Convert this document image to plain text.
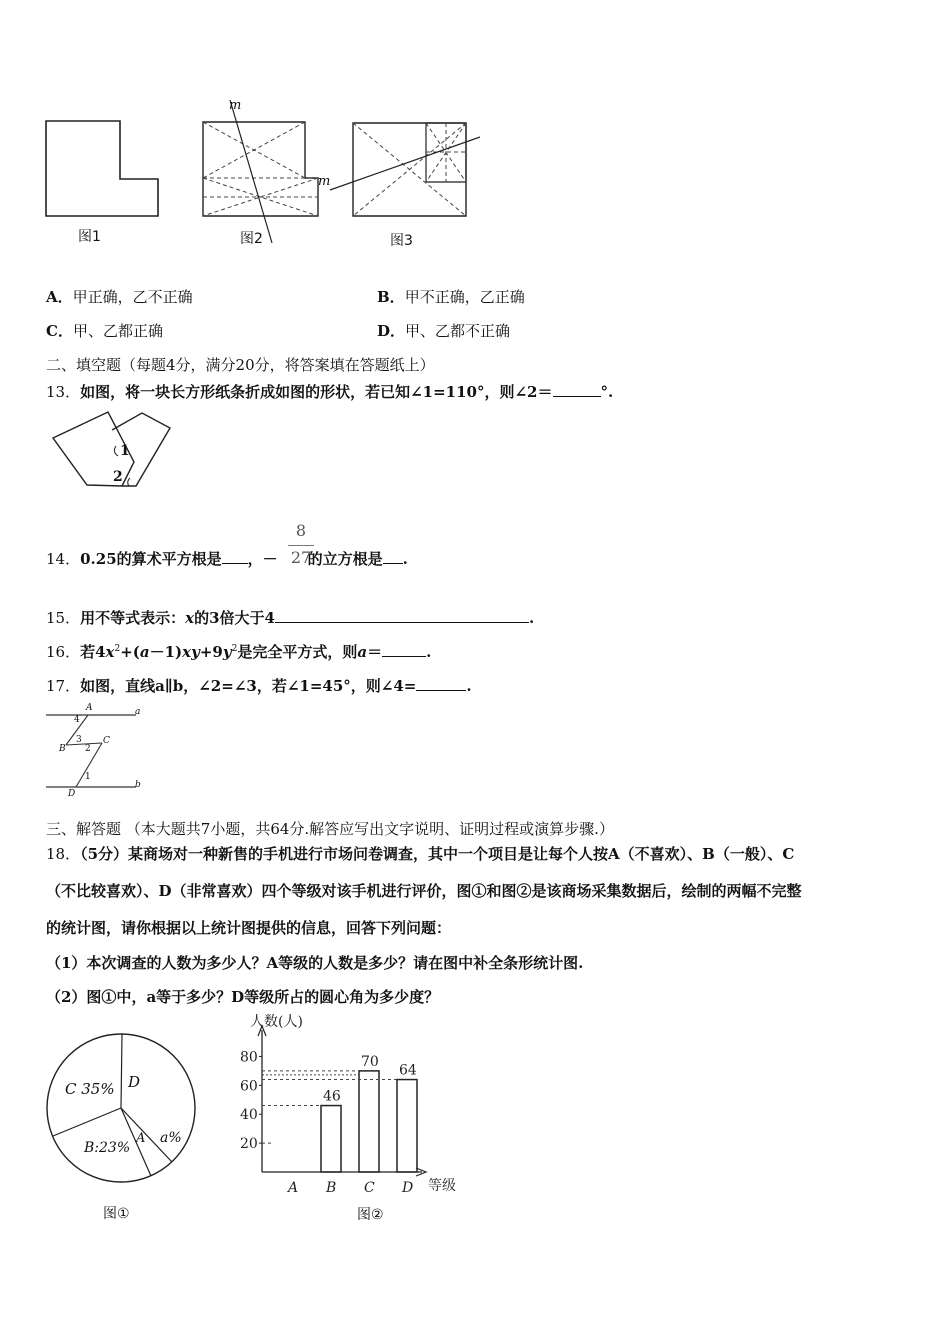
m
m
图1	图2	图3
A．甲正确，乙不正确	B．甲不正确，乙正确
C．甲、乙都正确	D．甲、乙都不正确
二、填空题（每题4分，满分20分，将答案填在答题纸上）
13．如图，将一块长方形纸条折成如图的形状，若已知∠1=110°，则∠2＝	°.
1
2
14．0.25的算术平方根是 ，－ 的立方根是 .
8
27
15．用不等式表示：x的3倍大于4	.
16．若$4x^2+(a-1)xy+9y^2$是完全平方式，则a＝	.
17．如图，直线a∥b，∠2=∠3，若∠1=45°，则∠4=	.
A	a
4
3
B 2
C
1
b
D
三、解答题 （本大题共7小题，共64分.解答应写出文字说明、证明过程或演算步骤.）
18．（5分）某商场对一种新售的手机进行市场问卷调查，其中一个项目是让每个人按A（不喜欢）、B（一般）、C
（不比较喜欢）、D（非常喜欢）四个等级对该手机进行评价，图①和图②是该商场采集数据后，绘制的两幅不完整
的统计图，请你根据以上统计图提供的信息，回答下列问题：
（1）本次调查的人数为多少人？A等级的人数是多少？请在图中补全条形统计图.
（2）图①中，a等于多少？D等级所占的圆心角为多少度？
C 35% D
B:23%
A a%
图①
人数(人)
等级
20
40
60
80
A B
46
C
70
D
64
图②
